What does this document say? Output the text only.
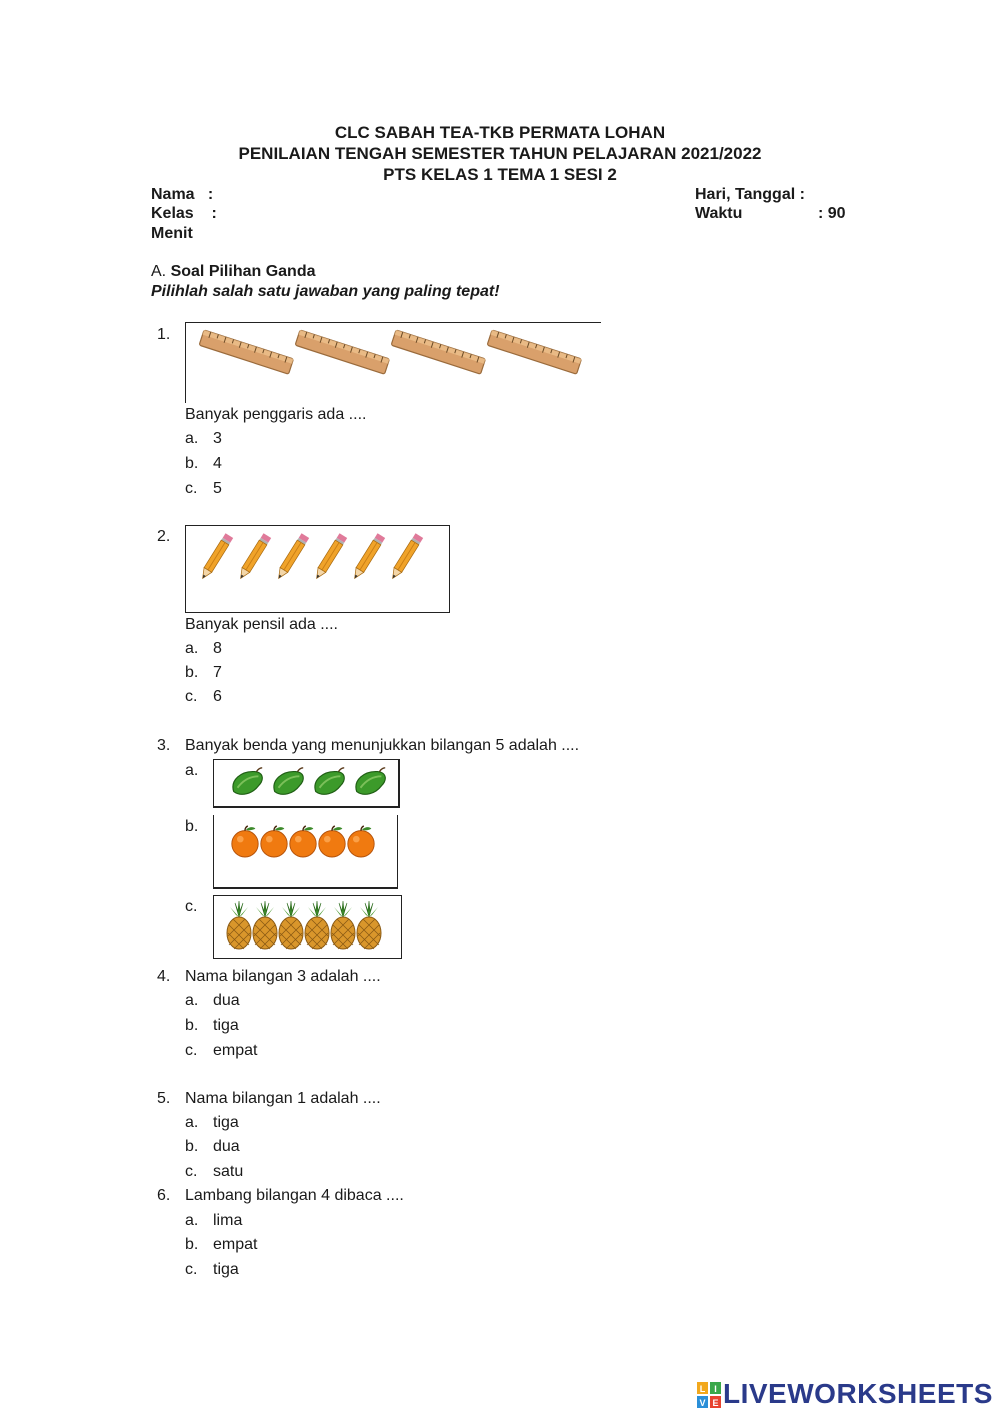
CLC SABAH TEA-TKB PERMATA LOHAN
PENILAIAN TENGAH SEMESTER TAHUN PELAJARAN 2021/2022
PTS KELAS 1 TEMA 1 SESI 2
Nama   :
Kelas    :
Menit
Hari, Tanggal :
Waktu	: 90
A. Soal Pilihan Ganda
Pilihlah salah satu jawaban yang paling tepat!
1.
Banyak penggaris ada ....
a. 3
b. 4
c. 5
2.
Banyak pensil ada ....
a. 8
b. 7
c. 6
3. Banyak benda yang menunjukkan bilangan 5 adalah ....
a.
b.
c.
4. Nama bilangan 3 adalah ....
a. dua
b. tiga
c. empat
5. Nama bilangan 1 adalah ....
a. tiga
b. dua
c. satu
6. Lambang bilangan 4 dibaca ....
a. lima
b. empat
c. tiga
L I
V E LIVEWORKSHEETS
